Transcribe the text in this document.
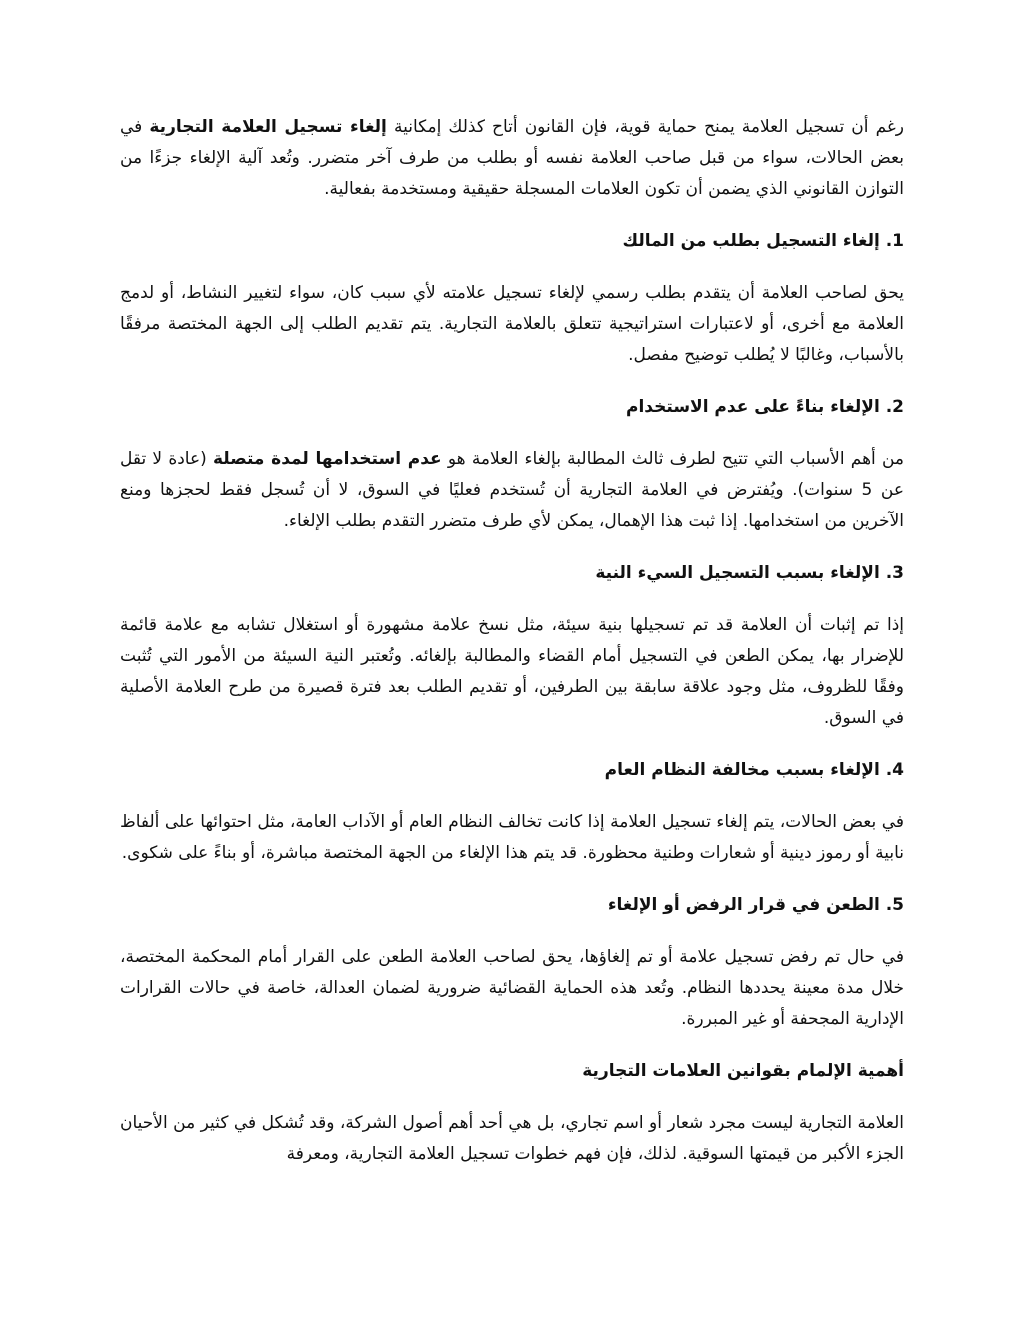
رغم أن تسجيل العلامة يمنح حماية قوية، فإن القانون أتاح كذلك إمكانية إلغاء تسجيل العلامة التجارية في بعض الحالات، سواء من قبل صاحب العلامة نفسه أو بطلب من طرف آخر متضرر. وتُعد آلية الإلغاء جزءًا من التوازن القانوني الذي يضمن أن تكون العلامات المسجلة حقيقية ومستخدمة بفعالية.

1. إلغاء التسجيل بطلب من المالك

يحق لصاحب العلامة أن يتقدم بطلب رسمي لإلغاء تسجيل علامته لأي سبب كان، سواء لتغيير النشاط، أو لدمج العلامة مع أخرى، أو لاعتبارات استراتيجية تتعلق بالعلامة التجارية. يتم تقديم الطلب إلى الجهة المختصة مرفقًا بالأسباب، وغالبًا لا يُطلب توضيح مفصل.

2. الإلغاء بناءً على عدم الاستخدام

من أهم الأسباب التي تتيح لطرف ثالث المطالبة بإلغاء العلامة هو عدم استخدامها لمدة متصلة (عادة لا تقل عن 5 سنوات). ويُفترض في العلامة التجارية أن تُستخدم فعليًا في السوق، لا أن تُسجل فقط لحجزها ومنع الآخرين من استخدامها. إذا ثبت هذا الإهمال، يمكن لأي طرف متضرر التقدم بطلب الإلغاء.

3. الإلغاء بسبب التسجيل السيء النية

إذا تم إثبات أن العلامة قد تم تسجيلها بنية سيئة، مثل نسخ علامة مشهورة أو استغلال تشابه مع علامة قائمة للإضرار بها، يمكن الطعن في التسجيل أمام القضاء والمطالبة بإلغائه. وتُعتبر النية السيئة من الأمور التي تُثبت وفقًا للظروف، مثل وجود علاقة سابقة بين الطرفين، أو تقديم الطلب بعد فترة قصيرة من طرح العلامة الأصلية في السوق.

4. الإلغاء بسبب مخالفة النظام العام

في بعض الحالات، يتم إلغاء تسجيل العلامة إذا كانت تخالف النظام العام أو الآداب العامة، مثل احتوائها على ألفاظ نابية أو رموز دينية أو شعارات وطنية محظورة. قد يتم هذا الإلغاء من الجهة المختصة مباشرة، أو بناءً على شكوى.

5. الطعن في قرار الرفض أو الإلغاء

في حال تم رفض تسجيل علامة أو تم إلغاؤها، يحق لصاحب العلامة الطعن على القرار أمام المحكمة المختصة، خلال مدة معينة يحددها النظام. وتُعد هذه الحماية القضائية ضرورية لضمان العدالة، خاصة في حالات القرارات الإدارية المجحفة أو غير المبررة.

أهمية الإلمام بقوانين العلامات التجارية

العلامة التجارية ليست مجرد شعار أو اسم تجاري، بل هي أحد أهم أصول الشركة، وقد تُشكل في كثير من الأحيان الجزء الأكبر من قيمتها السوقية. لذلك، فإن فهم خطوات تسجيل العلامة التجارية، ومعرفة
